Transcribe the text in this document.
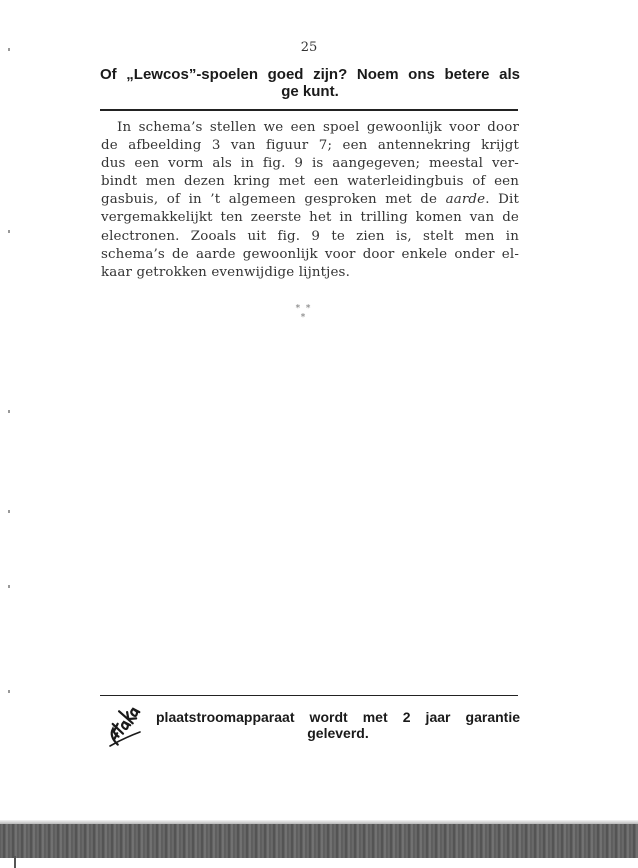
25
Of „Lewcos”-spoelen goed zijn? Noem ons betere als
ge kunt.
In schema’s stellen we een spoel gewoonlijk voor door
de afbeelding 3 van figuur 7; een antennekring krijgt
dus een vorm als in fig. 9 is aangegeven; meestal ver-
bindt men dezen kring met een waterleidingbuis of een
gasbuis, of in ’t algemeen gesproken met de aarde. Dit
vergemakkelijkt ten zeerste het in trilling komen van de
electronen. Zooals uit fig. 9 te zien is, stelt men in
schema’s de aarde gewoonlijk voor door enkele onder el-
kaar getrokken evenwijdige lijntjes.
* *
*
plaatstroomapparaat wordt met 2 jaar garantie
geleverd.
